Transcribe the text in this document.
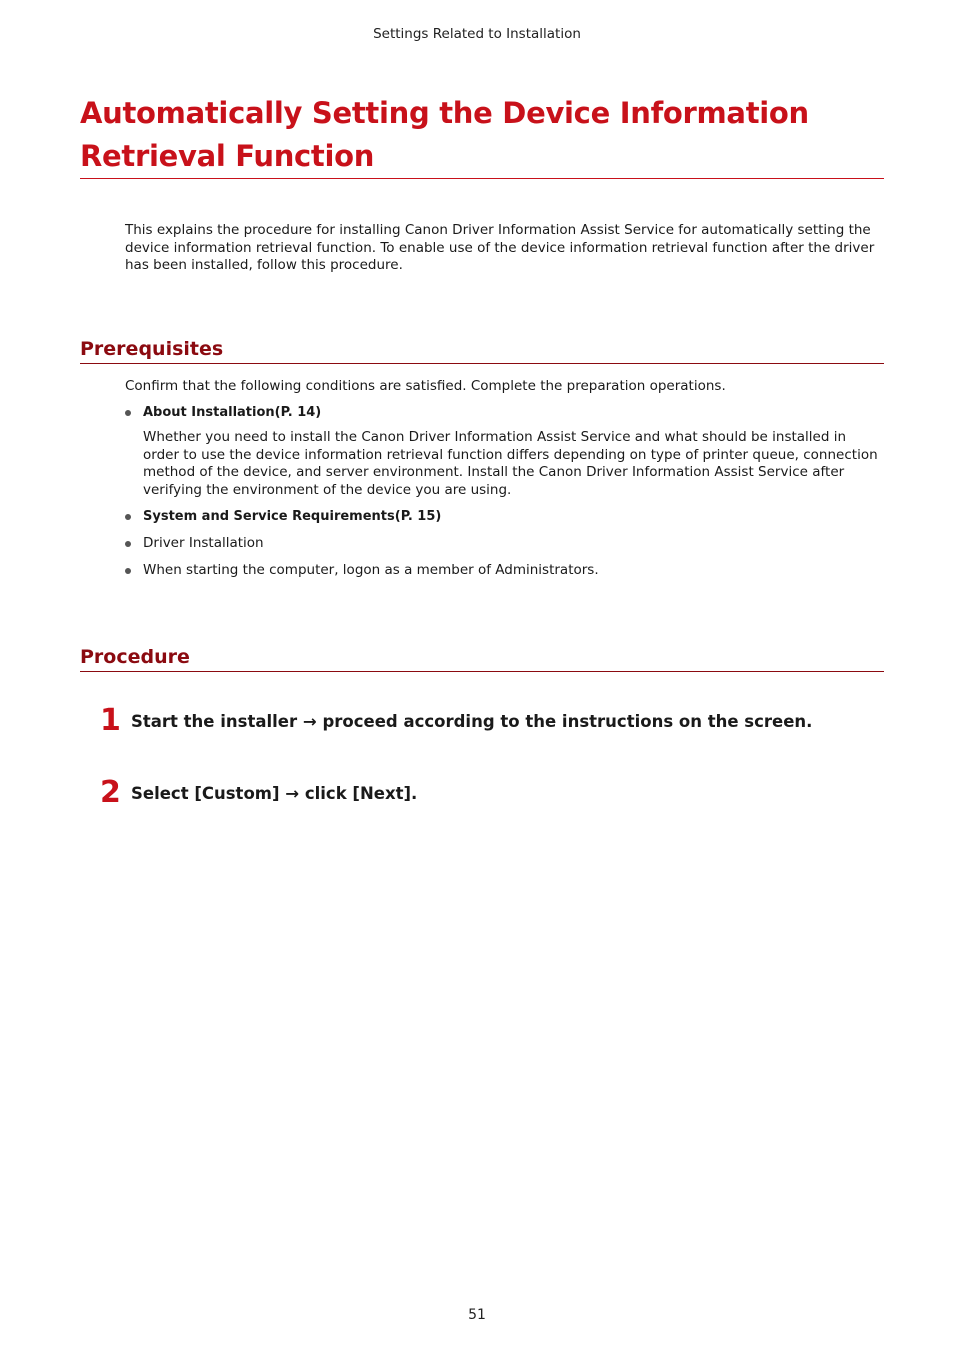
Settings Related to Installation
Automatically Setting the Device Information Retrieval Function

This explains the procedure for installing Canon Driver Information Assist Service for automatically setting the device information retrieval function. To enable use of the device information retrieval function after the driver has been installed, follow this procedure.

Prerequisites

Confirm that the following conditions are satisfied. Complete the preparation operations.

About Installation(P. 14)

Whether you need to install the Canon Driver Information Assist Service and what should be installed in order to use the device information retrieval function differs depending on type of printer queue, connection method of the device, and server environment. Install the Canon Driver Information Assist Service after verifying the environment of the device you are using.

System and Service Requirements(P. 15)
Driver Installation
When starting the computer, logon as a member of Administrators.
Procedure
1 Start the installer → proceed according to the instructions on the screen.
2 Select [Custom] → click [Next].
51
